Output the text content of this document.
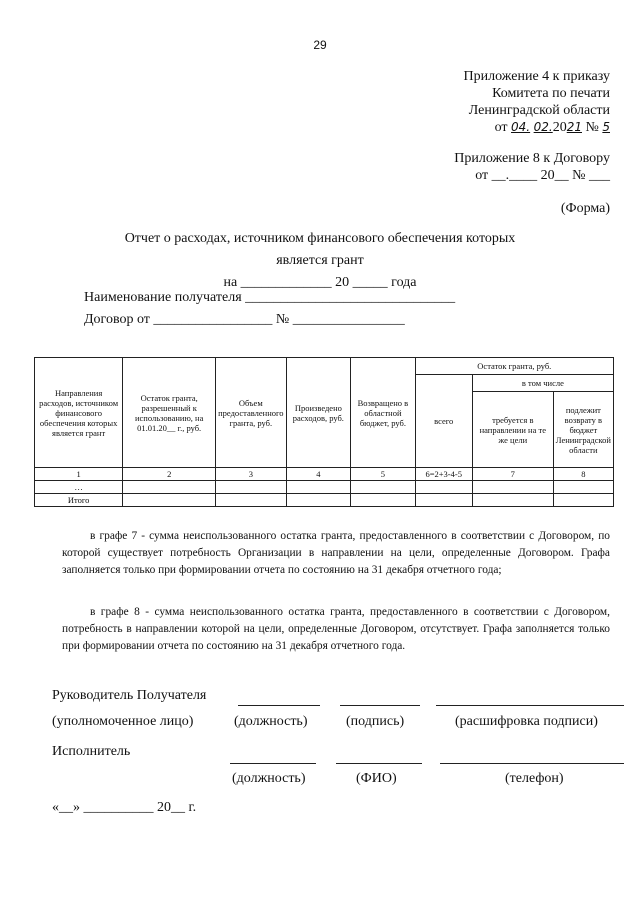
29
Приложение 4 к приказу
Комитета по печати
Ленинградской области
от 04. 02.2021 № 5
Приложение 8 к Договору
от __.____ 20__ № ___
(Форма)
Отчет о расходах, источником финансового обеспечения которых
является грант
на _____________ 20 _____ года
Наименование получателя ______________________________
Договор от _________________ № ________________
Направления расходов, источником финансового обеспечения которых является грант	Остаток гранта, разрешенный к использованию, на 01.01.20__ г., руб.	Объем предоставленного гранта, руб.	Произведено расходов, руб.	Возвращено в областной бюджет, руб.	Остаток гранта, руб.		
					всего	в том числе	
						требуется в направлении на те же цели	подлежит возврату в бюджет Ленинградской области
1	2	3	4	5	6=2+3-4-5	7	8
…							
Итого							
в графе 7 - сумма неиспользованного остатка гранта, предоставленного в соответствии с Договором, по которой существует потребность Организации в направлении на цели, определенные Договором. Графа заполняется только при формировании отчета по состоянию на 31 декабря отчетного года;
в графе 8 - сумма неиспользованного остатка гранта, предоставленного в соответствии с Договором, потребность в направлении которой на цели, определенные Договором, отсутствует. Графа заполняется только при формировании отчета по состоянию на 31 декабря отчетного года.
Руководитель Получателя
(уполномоченное лицо)	(должность)	(подпись)	(расшифровка подписи)
Исполнитель
(должность)	(ФИО)	(телефон)
«__» __________ 20__ г.
